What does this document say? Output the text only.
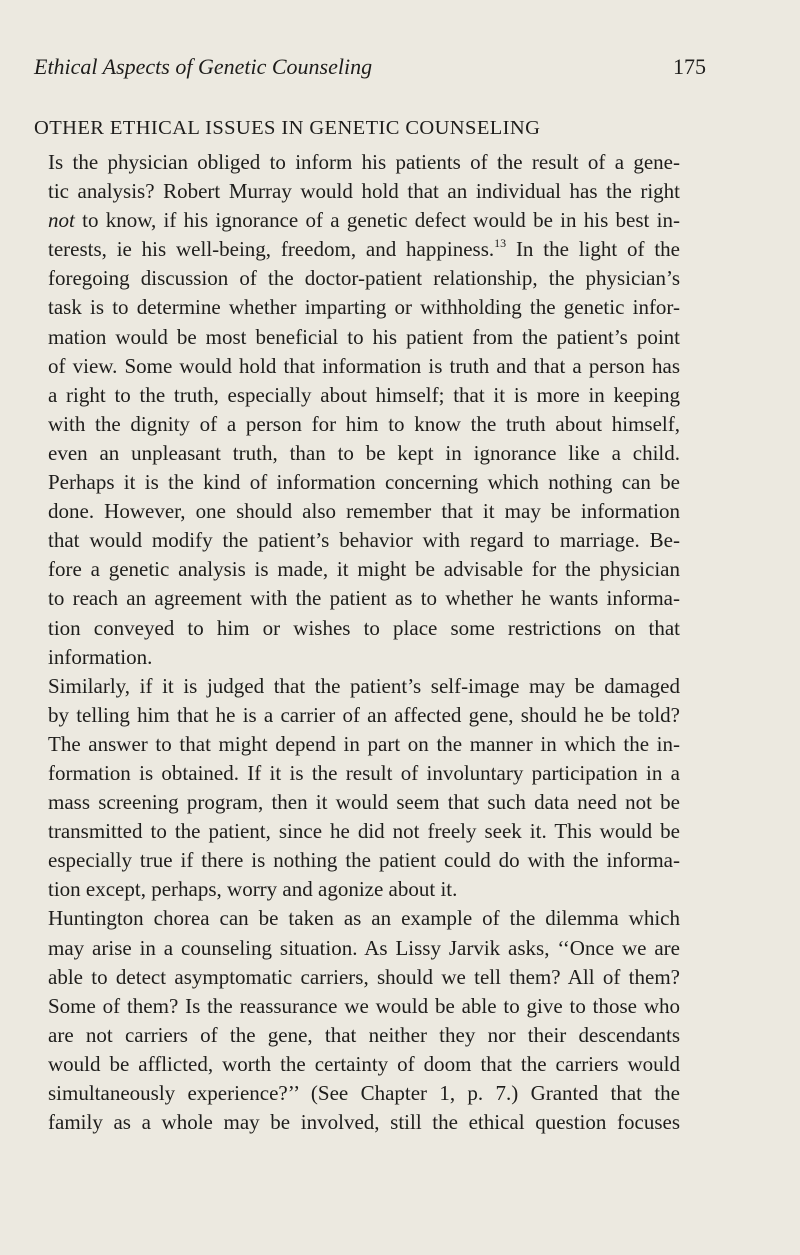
Ethical Aspects of Genetic Counseling	175
OTHER ETHICAL ISSUES IN GENETIC COUNSELING

Is the physician obliged to inform his patients of the result of a gene-

tic analysis? Robert Murray would hold that an individual has the right

not to know, if his ignorance of a genetic defect would be in his best in-

terests, ie his well-being, freedom, and happiness.$^{13}$ In the light of the

foregoing discussion of the doctor-patient relationship, the physician’s

task is to determine whether imparting or withholding the genetic infor-

mation would be most beneficial to his patient from the patient’s point

of view. Some would hold that information is truth and that a person has

a right to the truth, especially about himself; that it is more in keeping

with the dignity of a person for him to know the truth about himself,

even an unpleasant truth, than to be kept in ignorance like a child.

Perhaps it is the kind of information concerning which nothing can be

done. However, one should also remember that it may be information

that would modify the patient’s behavior with regard to marriage. Be-

fore a genetic analysis is made, it might be advisable for the physician

to reach an agreement with the patient as to whether he wants informa-

tion conveyed to him or wishes to place some restrictions on that

information.

Similarly, if it is judged that the patient’s self-image may be damaged

by telling him that he is a carrier of an affected gene, should he be told?

The answer to that might depend in part on the manner in which the in-

formation is obtained. If it is the result of involuntary participation in a

mass screening program, then it would seem that such data need not be

transmitted to the patient, since he did not freely seek it. This would be

especially true if there is nothing the patient could do with the informa-

tion except, perhaps, worry and agonize about it.

Huntington chorea can be taken as an example of the dilemma which

may arise in a counseling situation. As Lissy Jarvik asks, ‘‘Once we are

able to detect asymptomatic carriers, should we tell them? All of them?

Some of them? Is the reassurance we would be able to give to those who

are not carriers of the gene, that neither they nor their descendants

would be afflicted, worth the certainty of doom that the carriers would

simultaneously experience?’’ (See Chapter 1, p. 7.) Granted that the

family as a whole may be involved, still the ethical question focuses
